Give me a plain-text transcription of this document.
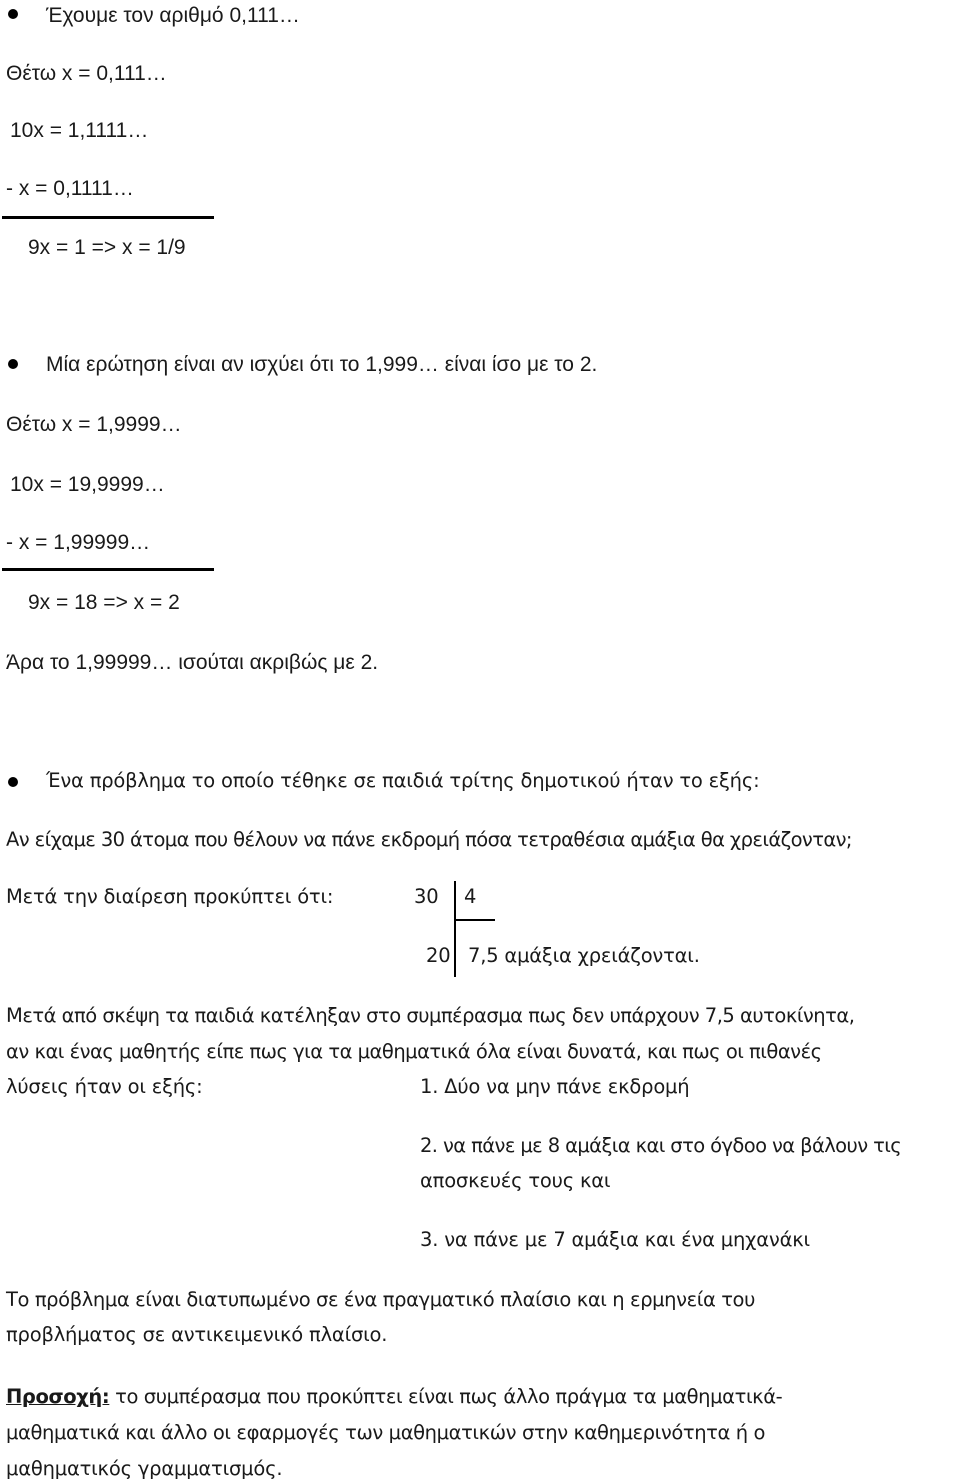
Έχουμε τον αριθμό 0,111…
Θέτω x = 0,111…
10x = 1,1111…
- x = 0,1111…
9x = 1 => x = 1/9
Μία ερώτηση είναι αν ισχύει ότι το 1,999… είναι ίσο με το 2.
Θέτω x = 1,9999…
10x = 19,9999…
- x = 1,99999…
9x = 18 => x = 2
Άρα το 1,99999… ισούται ακριβώς με 2.
Ένα πρόβλημα το οποίο τέθηκε σε παιδιά τρίτης δημοτικού ήταν το εξής:
Αν είχαμε 30 άτομα που θέλουν να πάνε εκδρομή πόσα τετραθέσια αμάξια θα χρειάζονταν;
Μετά την διαίρεση προκύπτει ότι:	30 4
20 7,5 αμάξια χρειάζονται.
Μετά από σκέψη τα παιδιά κατέληξαν στο συμπέρασμα πως δεν υπάρχουν 7,5 αυτοκίνητα,
αν και ένας μαθητής είπε πως για τα μαθηματικά όλα είναι δυνατά, και πως οι πιθανές
λύσεις ήταν οι εξής:	1. Δύο να μην πάνε εκδρομή
2. να πάνε με 8 αμάξια και στο όγδοο να βάλουν τις
αποσκευές τους και
3. να πάνε με 7 αμάξια και ένα μηχανάκι
Το πρόβλημα είναι διατυπωμένο σε ένα πραγματικό πλαίσιο και η ερμηνεία του
προβλήματος σε αντικειμενικό πλαίσιο.
Προσοχή: το συμπέρασμα που προκύπτει είναι πως άλλο πράγμα τα μαθηματικά-
μαθηματικά και άλλο οι εφαρμογές των μαθηματικών στην καθημερινότητα ή ο
μαθηματικός γραμματισμός.
